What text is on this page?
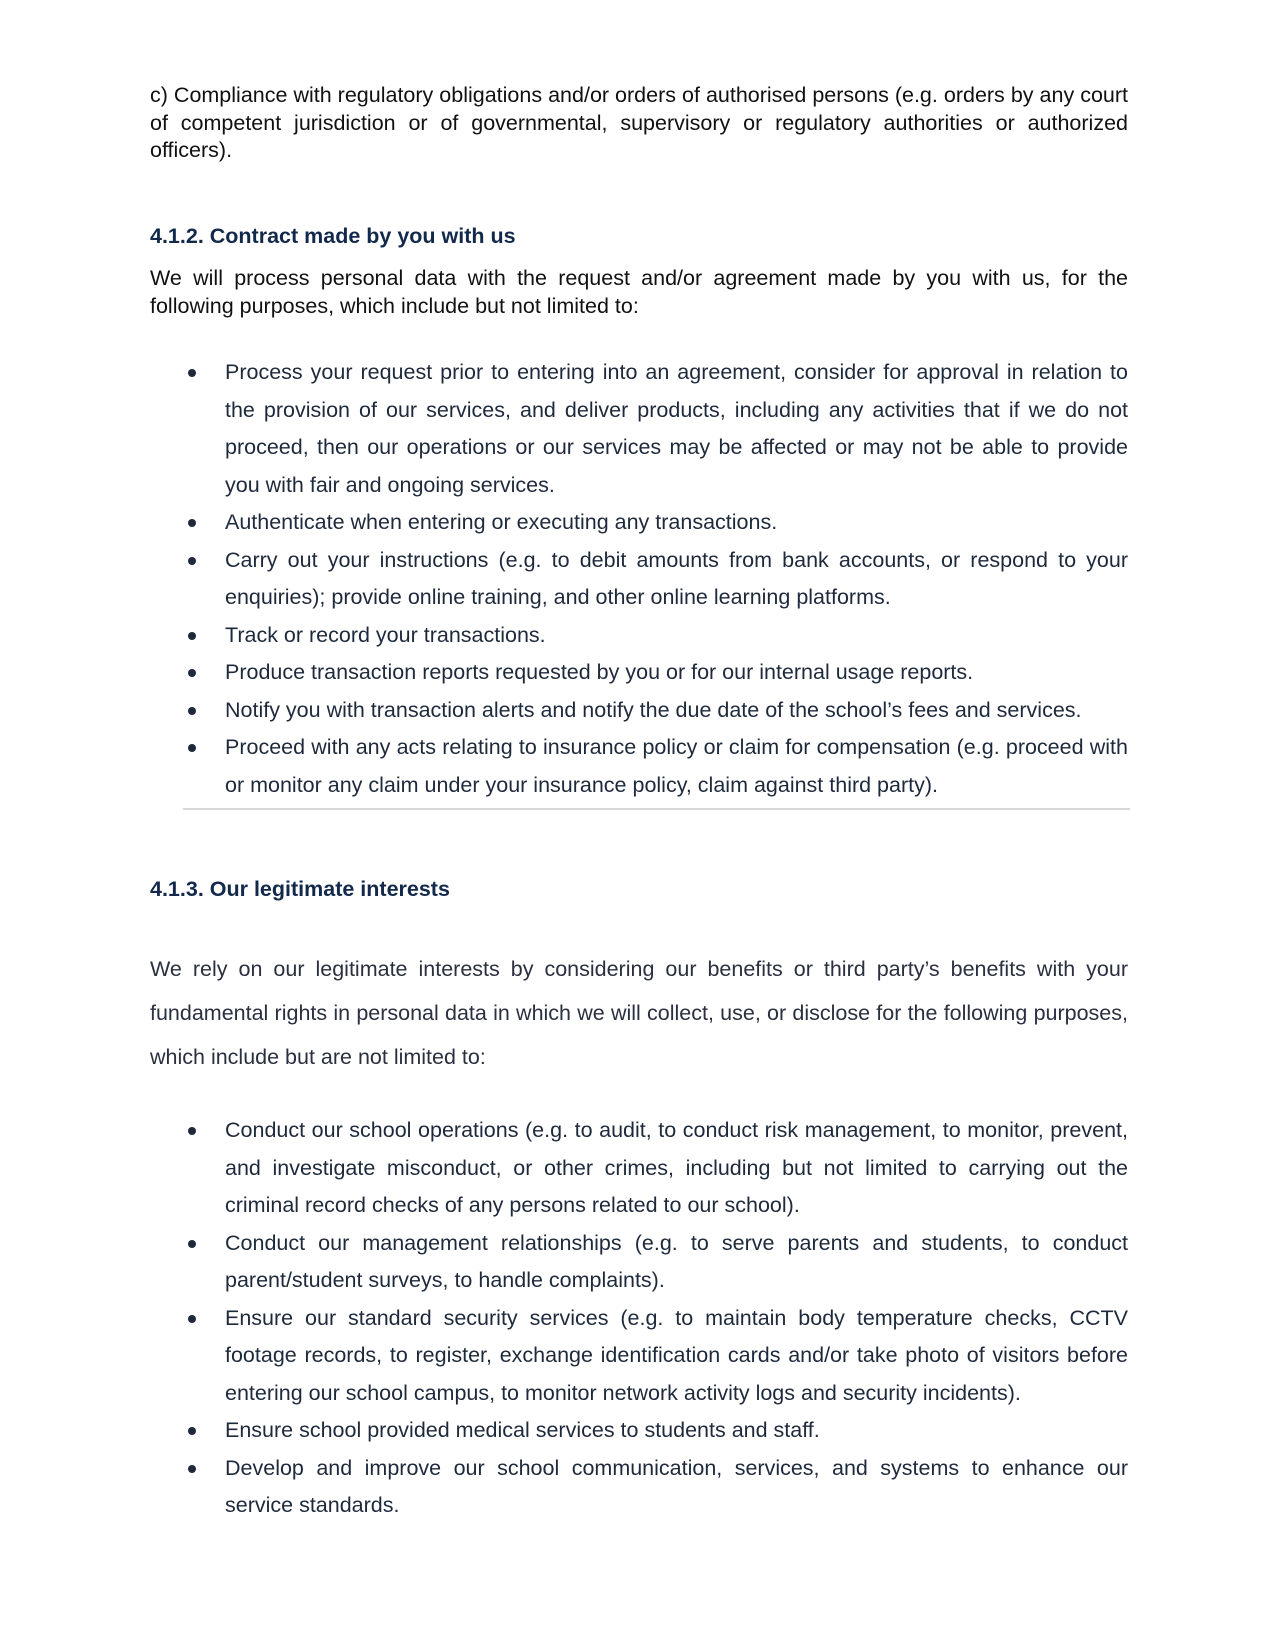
c) Compliance with regulatory obligations and/or orders of authorised persons (e.g. orders by any court of competent jurisdiction or of governmental, supervisory or regulatory authorities or authorized officers).

4.1.2. Contract made by you with us

We will process personal data with the request and/or agreement made by you with us, for the following purposes, which include but not limited to:

Process your request prior to entering into an agreement, consider for approval in relation to the provision of our services, and deliver products, including any activities that if we do not proceed, then our operations or our services may be affected or may not be able to provide you with fair and ongoing services.
Authenticate when entering or executing any transactions.
Carry out your instructions (e.g. to debit amounts from bank accounts, or respond to your enquiries); provide online training, and other online learning platforms.
Track or record your transactions.
Produce transaction reports requested by you or for our internal usage reports.
Notify you with transaction alerts and notify the due date of the school’s fees and services.
Proceed with any acts relating to insurance policy or claim for compensation (e.g. proceed with or monitor any claim under your insurance policy, claim against third party).
4.1.3. Our legitimate interests

We rely on our legitimate interests by considering our benefits or third party’s benefits with your fundamental rights in personal data in which we will collect, use, or disclose for the following purposes, which include but are not limited to:

Conduct our school operations (e.g. to audit, to conduct risk management, to monitor, prevent, and investigate misconduct, or other crimes, including but not limited to carrying out the criminal record checks of any persons related to our school).
Conduct our management relationships (e.g. to serve parents and students, to conduct parent/student surveys, to handle complaints).
Ensure our standard security services (e.g. to maintain body temperature checks, CCTV footage records, to register, exchange identification cards and/or take photo of visitors before entering our school campus, to monitor network activity logs and security incidents).
Ensure school provided medical services to students and staff.
Develop and improve our school communication, services, and systems to enhance our service standards.
